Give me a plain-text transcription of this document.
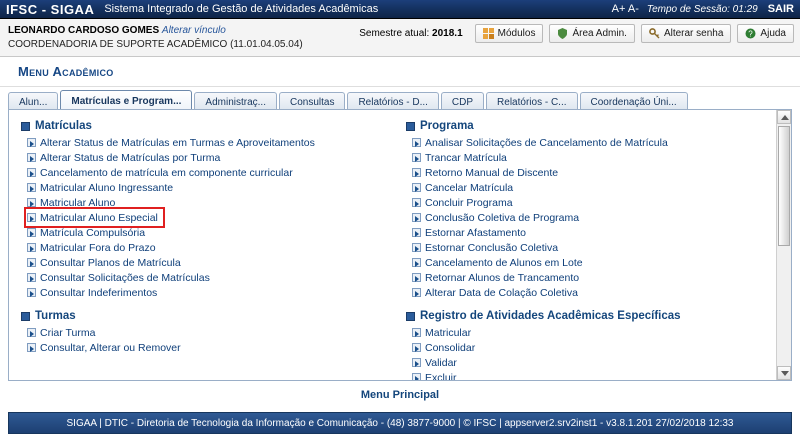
IFSC - SIGAA Sistema Integrado de Gestão de Atividades Acadêmicas	A+ A- Tempo de Sessão: 01:29 SAIR
LEONARDO CARDOSO GOMES Alterar vínculo
COORDENADORIA DE SUPORTE ACADÊMICO (11.01.04.05.04)
Semestre atual: 2018.1	Módulos	Área Admin.	Alterar senha	? Ajuda
Menu Acadêmico
Alun...	Matrículas e Program...	Administraç...	Consultas	Relatórios - D...	CDP	Relatórios - C...	Coordenação Úni...
Matrículas
Alterar Status de Matrículas em Turmas e Aproveitamentos
Alterar Status de Matrículas por Turma
Cancelamento de matrícula em componente curricular
Matricular Aluno Ingressante
Matricular Aluno
Matricular Aluno Especial
Matrícula Compulsória
Matricular Fora do Prazo
Consultar Planos de Matrícula
Consultar Solicitações de Matrículas
Consultar Indeferimentos
Turmas
Criar Turma
Consultar, Alterar ou Remover
Programa
Analisar Solicitações de Cancelamento de Matrícula
Trancar Matrícula
Retorno Manual de Discente
Cancelar Matrícula
Concluir Programa
Conclusão Coletiva de Programa
Estornar Afastamento
Estornar Conclusão Coletiva
Cancelamento de Alunos em Lote
Retornar Alunos de Trancamento
Alterar Data de Colação Coletiva
Registro de Atividades Acadêmicas Específicas
Matricular
Consolidar
Validar
Excluir
Menu Principal
SIGAA | DTIC - Diretoria de Tecnologia da Informação e Comunicação - (48) 3877-9000 | © IFSC | appserver2.srv2inst1 - v3.8.1.201 27/02/2018 12:33
